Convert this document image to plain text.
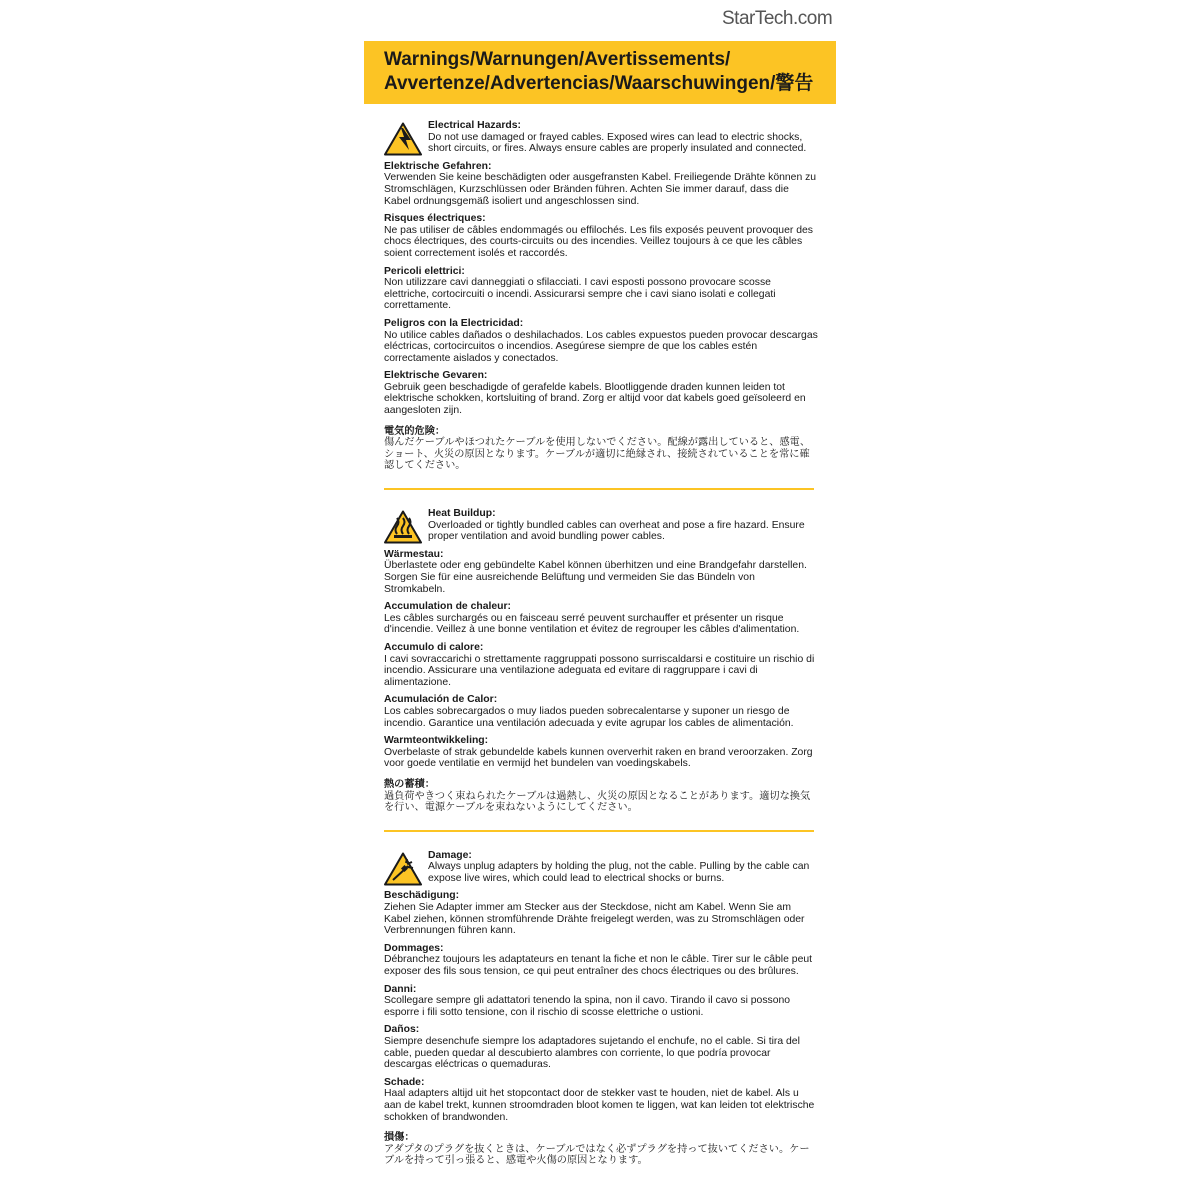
StarTech.com
Warnings/Warnungen/Avertissements/
Avvertenze/Advertencias/Waarschuwingen/警告
Electrical Hazards:
Do not use damaged or frayed cables. Exposed wires can lead to electric shocks, short circuits, or fires. Always ensure cables are properly insulated and connected.
Elektrische Gefahren:
Verwenden Sie keine beschädigten oder ausgefransten Kabel. Freiliegende Drähte können zu Stromschlägen, Kurzschlüssen oder Bränden führen. Achten Sie immer darauf, dass die Kabel ordnungsgemäß isoliert und angeschlossen sind.
Risques électriques:
Ne pas utiliser de câbles endommagés ou effilochés. Les fils exposés peuvent provoquer des chocs électriques, des courts-circuits ou des incendies. Veillez toujours à ce que les câbles soient correctement isolés et raccordés.
Pericoli elettrici:
Non utilizzare cavi danneggiati o sfilacciati. I cavi esposti possono provocare scosse elettriche, cortocircuiti o incendi. Assicurarsi sempre che i cavi siano isolati e collegati correttamente.
Peligros con la Electricidad:
No utilice cables dañados o deshilachados. Los cables expuestos pueden provocar descargas eléctricas, cortocircuitos o incendios. Asegúrese siempre de que los cables estén correctamente aislados y conectados.
Elektrische Gevaren:
Gebruik geen beschadigde of gerafelde kabels. Blootliggende draden kunnen leiden tot elektrische schokken, kortsluiting of brand. Zorg er altijd voor dat kabels goed geïsoleerd en aangesloten zijn.
電気的危険：
傷んだケーブルやほつれたケーブルを使用しないでください。配線が露出していると、感電、ショート、火災の原因となります。ケーブルが適切に絶縁され、接続されていることを常に確認してください。
Heat Buildup:
Overloaded or tightly bundled cables can overheat and pose a fire hazard. Ensure proper ventilation and avoid bundling power cables.
Wärmestau:
Überlastete oder eng gebündelte Kabel können überhitzen und eine Brandgefahr darstellen. Sorgen Sie für eine ausreichende Belüftung und vermeiden Sie das Bündeln von Stromkabeln.
Accumulation de chaleur:
Les câbles surchargés ou en faisceau serré peuvent surchauffer et présenter un risque d'incendie. Veillez à une bonne ventilation et évitez de regrouper les câbles d'alimentation.
Accumulo di calore:
I cavi sovraccarichi o strettamente raggruppati possono surriscaldarsi e costituire un rischio di incendio. Assicurare una ventilazione adeguata ed evitare di raggruppare i cavi di alimentazione.
Acumulación de Calor:
Los cables sobrecargados o muy liados pueden sobrecalentarse y suponer un riesgo de incendio. Garantice una ventilación adecuada y evite agrupar los cables de alimentación.
Warmteontwikkeling:
Overbelaste of strak gebundelde kabels kunnen oververhit raken en brand veroorzaken. Zorg voor goede ventilatie en vermijd het bundelen van voedingskabels.
熱の蓄積：
過負荷やきつく束ねられたケーブルは過熱し、火災の原因となることがあります。適切な換気を行い、電源ケーブルを束ねないようにしてください。
Damage:
Always unplug adapters by holding the plug, not the cable. Pulling by the cable can expose live wires, which could lead to electrical shocks or burns.
Beschädigung:
Ziehen Sie Adapter immer am Stecker aus der Steckdose, nicht am Kabel. Wenn Sie am Kabel ziehen, können stromführende Drähte freigelegt werden, was zu Stromschlägen oder Verbrennungen führen kann.
Dommages:
Débranchez toujours les adaptateurs en tenant la fiche et non le câble. Tirer sur le câble peut exposer des fils sous tension, ce qui peut entraîner des chocs électriques ou des brûlures.
Danni:
Scollegare sempre gli adattatori tenendo la spina, non il cavo. Tirando il cavo si possono esporre i fili sotto tensione, con il rischio di scosse elettriche o ustioni.
Daños:
Siempre desenchufe siempre los adaptadores sujetando el enchufe, no el cable. Si tira del cable, pueden quedar al descubierto alambres con corriente, lo que podría provocar descargas eléctricas o quemaduras.
Schade:
Haal adapters altijd uit het stopcontact door de stekker vast te houden, niet de kabel. Als u aan de kabel trekt, kunnen stroomdraden bloot komen te liggen, wat kan leiden tot elektrische schokken of brandwonden.
損傷：
アダプタのプラグを抜くときは、ケーブルではなく必ずプラグを持って抜いてください。ケーブルを持って引っ張ると、感電や火傷の原因となります。
